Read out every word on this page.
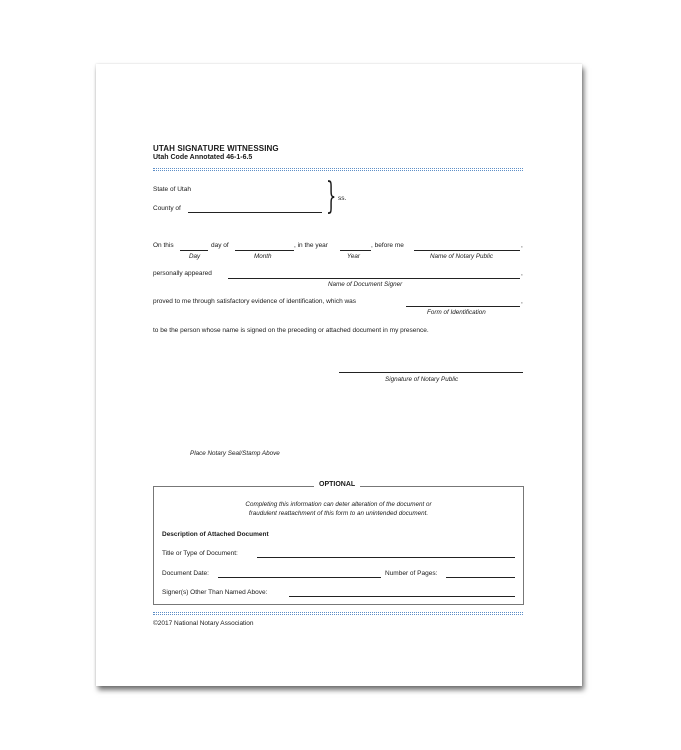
UTAH SIGNATURE WITNESSING
Utah Code Annotated 46-1-6.5
State of Utah
County of	} ss.
On this	day of	, in the year	, before me	,
Day	Month	Year	Name of Notary Public
personally appeared	,
Name of Document Signer
proved to me through satisfactory evidence of identification, which was	,
Form of Identification
to be the person whose name is signed on the preceding or attached document in my presence.
Signature of Notary Public
Place Notary Seal/Stamp Above
OPTIONAL
Completing this information can deter alteration of the document or
fraudulent reattachment of this form to an unintended document.
Description of Attached Document
Title or Type of Document:
Document Date:	Number of Pages:
Signer(s) Other Than Named Above:
©2017 National Notary Association
